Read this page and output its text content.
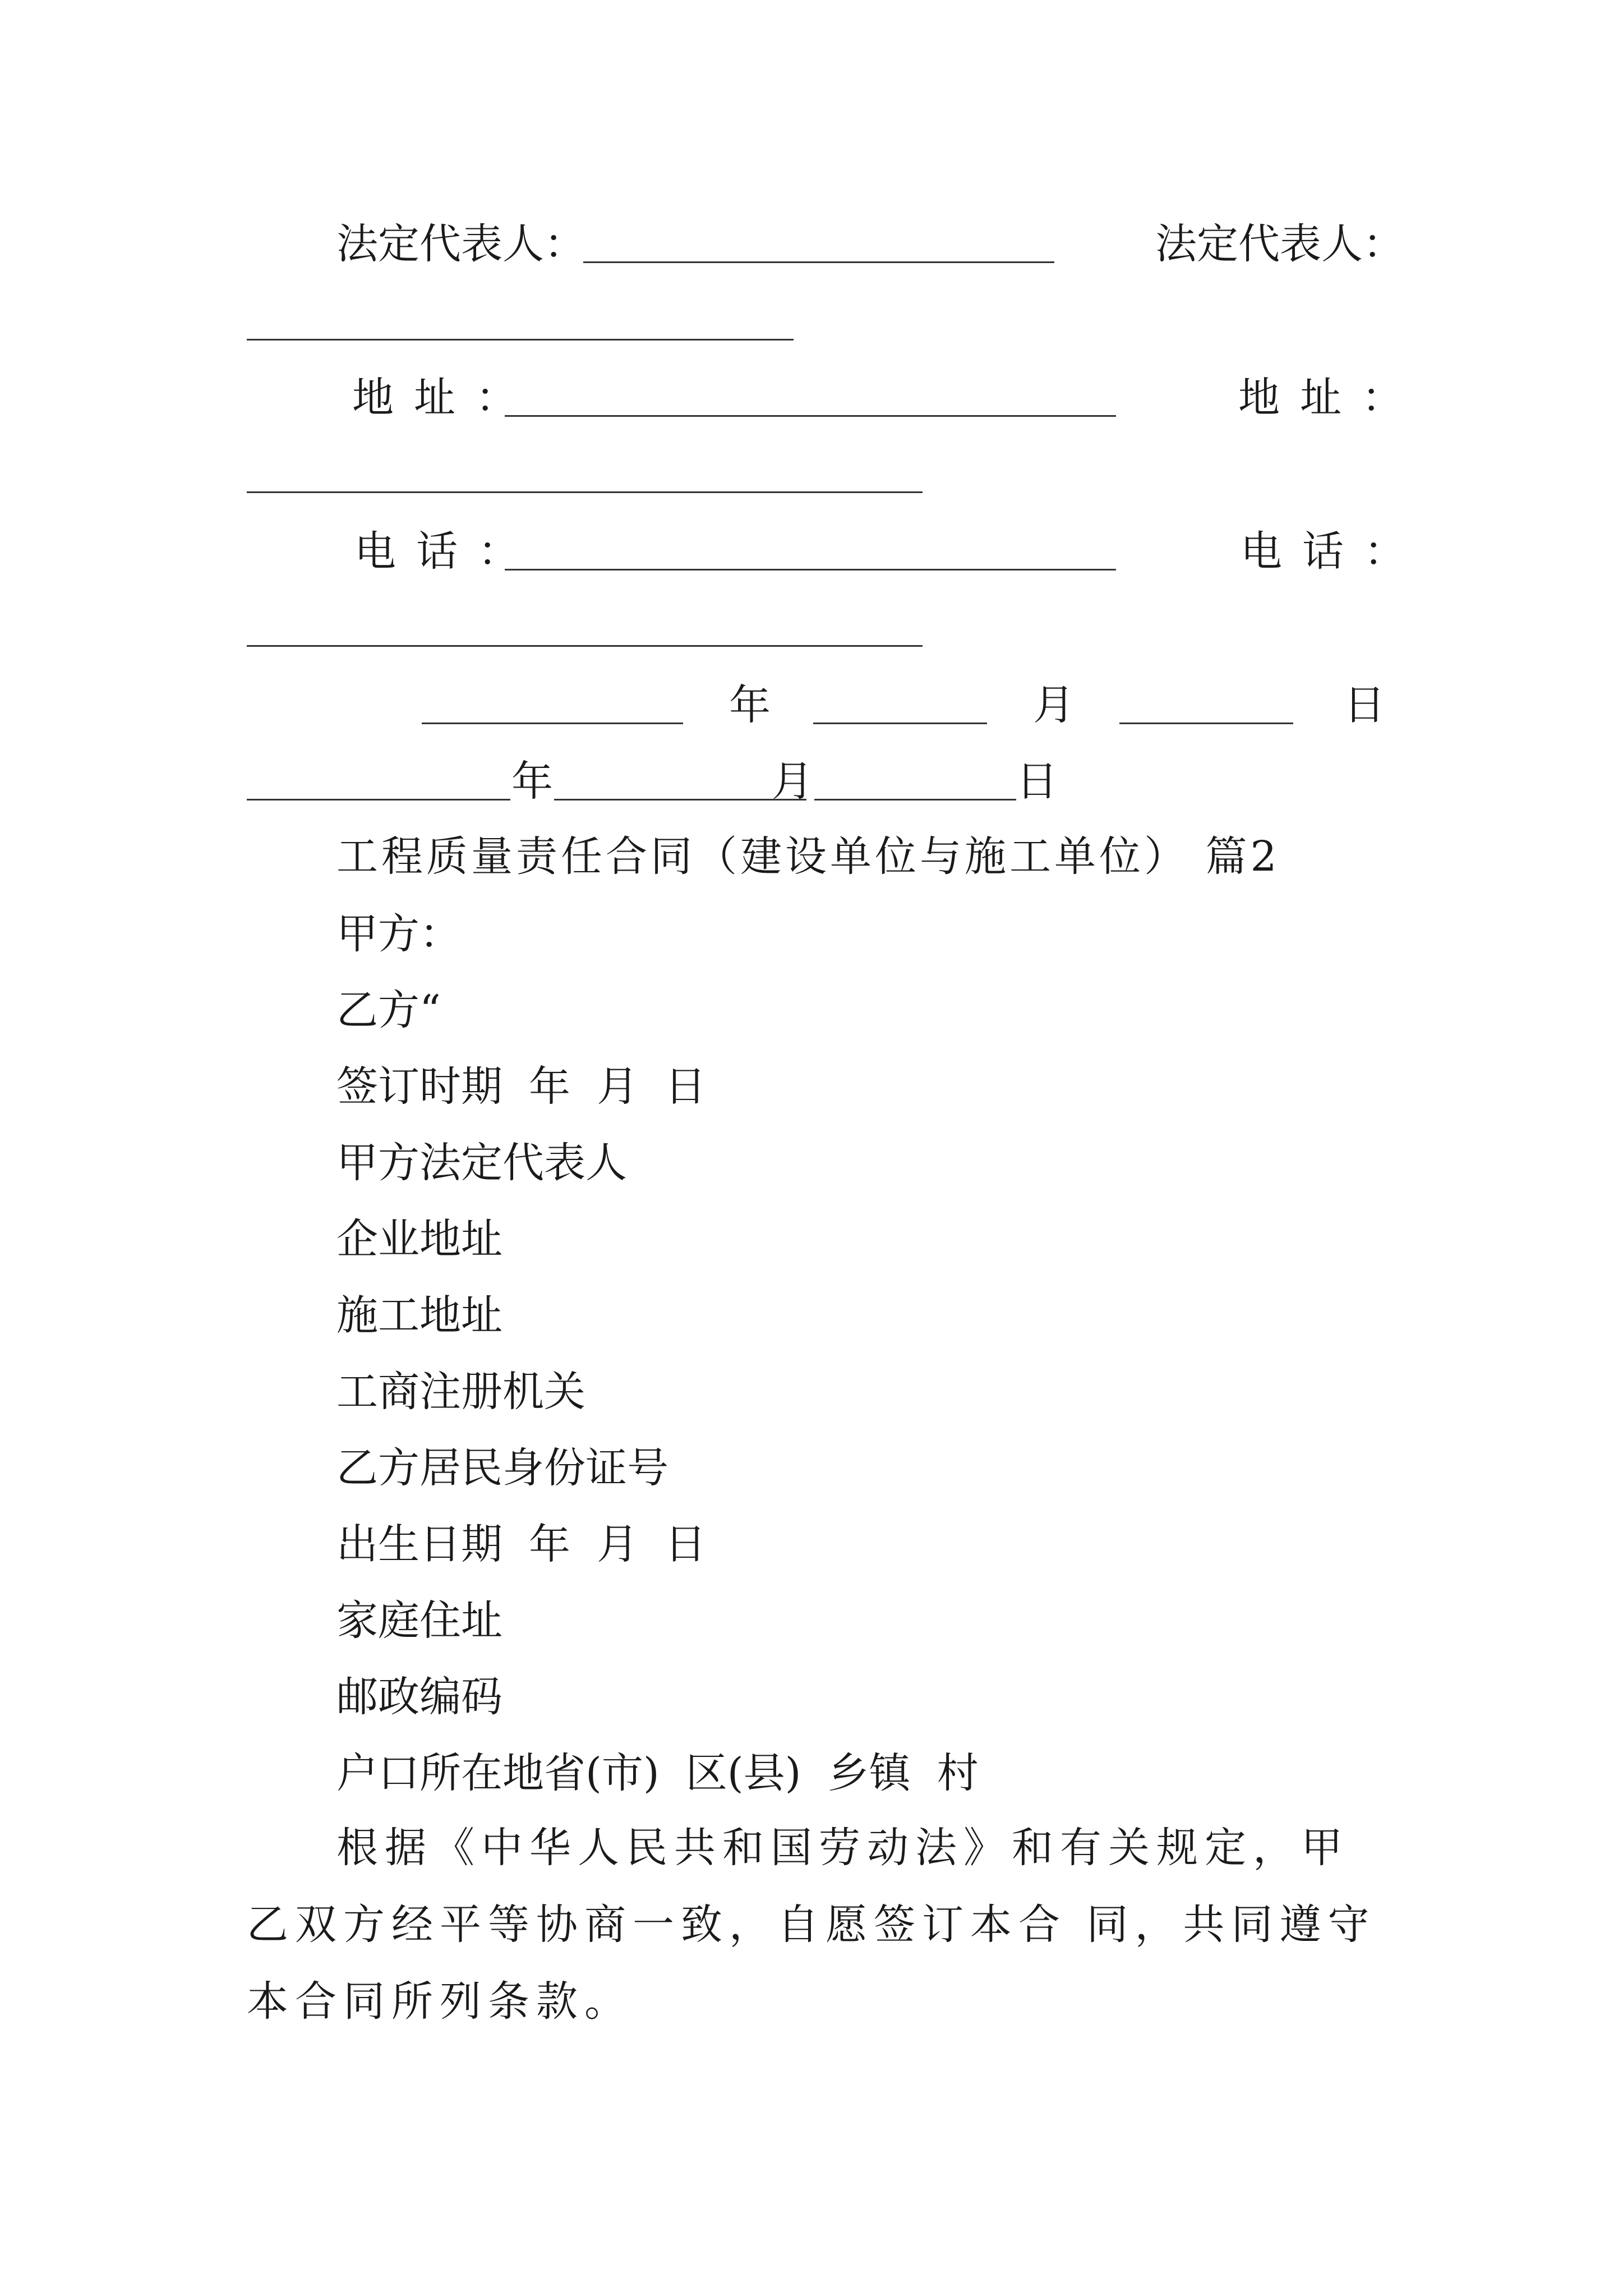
法定代表人：	法定代表人：
地址：	地址：
电话：	电话：
年	月	日
年	月	日
工程质量责任合同（建设单位与施工单位） 篇2
甲方：
乙方“
签订时期  年  月  日
甲方法定代表人
企业地址
施工地址
工商注册机关
乙方居民身份证号
出生日期  年  月  日
家庭住址
邮政编码
户口所在地省(市)  区(县)  乡镇  村

根据《中华人民共和国劳动法》和有关规定，甲乙双方经平等协商一致，自愿签订本合 同，共同遵守本合同所列条款。
